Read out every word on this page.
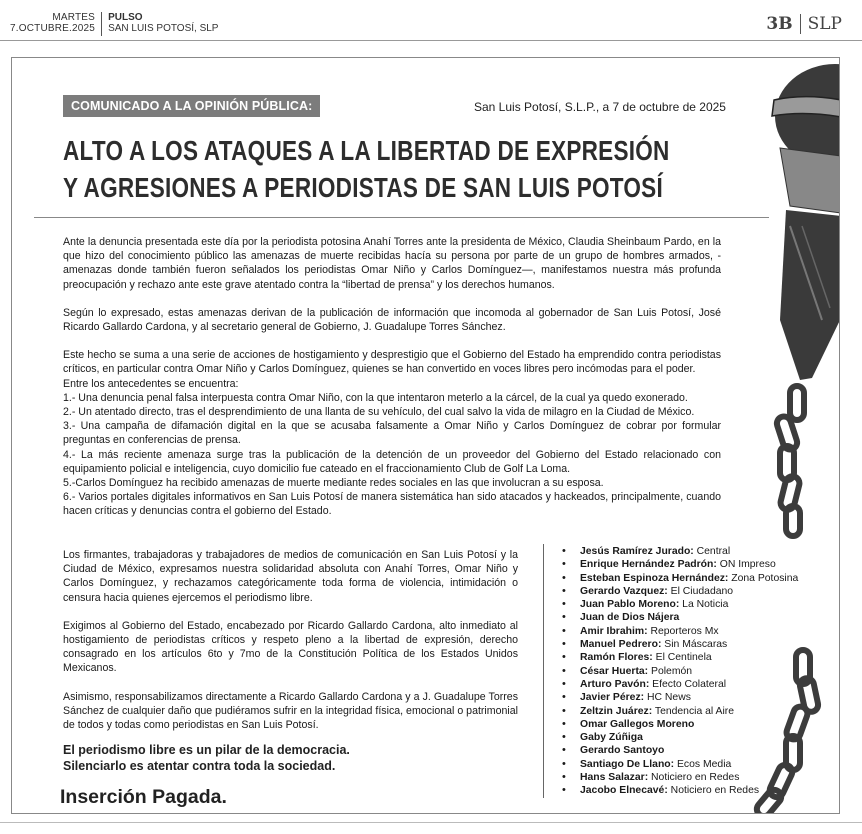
MARTES
7.OCTUBRE.2025
PULSO
SAN LUIS POTOSÍ, SLP	3B SLP
COMUNICADO A LA OPINIÓN PÚBLICA:	San Luis Potosí, S.L.P., a 7 de octubre de 2025
ALTO A LOS ATAQUES A LA LIBERTAD DE EXPRESIÓN
Y AGRESIONES A PERIODISTAS DE SAN LUIS POTOSÍ

Ante la denuncia presentada este día por la periodista potosina Anahí Torres ante la presidenta de México, Claudia Sheinbaum Pardo, en la que hizo del conocimiento público las amenazas de muerte recibidas hacía su persona por parte de un grupo de hombres armados, -amenazas donde también fueron señalados los periodistas Omar Niño y Carlos Domínguez—, manifestamos nuestra más profunda preocupación y rechazo ante este grave atentado contra la “libertad de prensa” y los derechos humanos.

Según lo expresado, estas amenazas derivan de la publicación de información que incomoda al gobernador de San Luis Potosí, José Ricardo Gallardo Cardona, y al secretario general de Gobierno, J. Guadalupe Torres Sánchez.

Este hecho se suma a una serie de acciones de hostigamiento y desprestigio que el Gobierno del Estado ha emprendido contra periodistas críticos, en particular contra Omar Niño y Carlos Domínguez, quienes se han convertido en voces libres pero incómodas para el poder.

Entre los antecedentes se encuentra:

1.- Una denuncia penal falsa interpuesta contra Omar Niño, con la que intentaron meterlo a la cárcel, de la cual ya quedo exonerado.

2.- Un atentado directo, tras el desprendimiento de una llanta de su vehículo, del cual salvo la vida de milagro en la Ciudad de México.

3.- Una campaña de difamación digital en la que se acusaba falsamente a Omar Niño y Carlos Domínguez de cobrar por formular preguntas en conferencias de prensa.

4.- La más reciente amenaza surge tras la publicación de la detención de un proveedor del Gobierno del Estado relacionado con equipamiento policial e inteligencia, cuyo domicilio fue cateado en el fraccionamiento Club de Golf La Loma.

5.-Carlos Domínguez ha recibido amenazas de muerte mediante redes sociales en las que involucran a su esposa.

6.- Varios portales digitales informativos en San Luis Potosí de manera sistemática han sido atacados y hackeados, principalmente, cuando hacen críticas y denuncias contra el gobierno del Estado.

Los firmantes, trabajadoras y trabajadores de medios de comunicación en San Luis Potosí y la Ciudad de México, expresamos nuestra solidaridad absoluta con Anahí Torres, Omar Niño y Carlos Domínguez, y rechazamos categóricamente toda forma de violencia, intimidación o censura hacia quienes ejercemos el periodismo libre.

Exigimos al Gobierno del Estado, encabezado por Ricardo Gallardo Cardona, alto inmediato al hostigamiento de periodistas críticos y respeto pleno a la libertad de expresión, derecho consagrado en los artículos 6to y 7mo de la Constitución Política de los Estados Unidos Mexicanos.

Asimismo, responsabilizamos directamente a Ricardo Gallardo Cardona y a J. Guadalupe Torres Sánchez de cualquier daño que pudiéramos sufrir en la integridad física, emocional o patrimonial de todos y todas como periodistas en San Luis Potosí.

El periodismo libre es un pilar de la democracia.
Silenciarlo es atentar contra toda la sociedad.
Inserción Pagada.
• Jesús Ramírez Jurado: Central
• Enrique Hernández Padrón: ON Impreso
• Esteban Espinoza Hernández: Zona Potosina
• Gerardo Vazquez: El Ciudadano
• Juan Pablo Moreno: La Noticia
• Juan de Dios Nájera
• Amir Ibrahim: Reporteros Mx
• Manuel Pedrero: Sin Máscaras
• Ramón Flores: El Centinela
• César Huerta: Polemón
• Arturo Pavón: Efecto Colateral
• Javier Pérez: HC News
• Zeltzin Juárez: Tendencia al Aire
• Omar Gallegos Moreno
• Gaby Zúñiga
• Gerardo Santoyo
• Santiago De Llano: Ecos Media
• Hans Salazar: Noticiero en Redes
• Jacobo Elnecavé: Noticiero en Redes
